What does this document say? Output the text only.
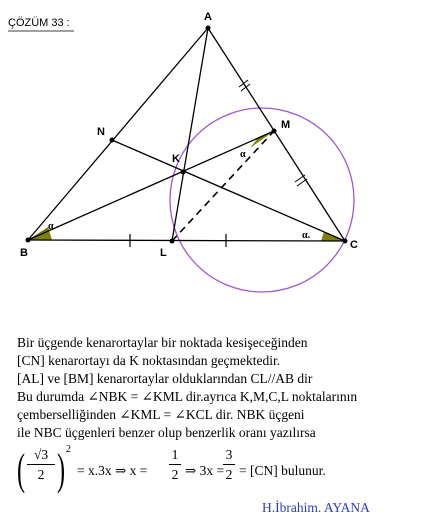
ÇÖZÜM 33 :	A
B
C
L
M
N
K
α
α.
α
Bir üçgende kenarortaylar bir noktada kesişeceğinden
[CN] kenarortayı da K noktasından geçmektedir.
[AL] ve [BM] kenarortaylar olduklarından CL//AB dir
Bu durumda ∠NBK = ∠KML dir.ayrıca K,M,C,L noktalarının
çemberselliğinden ∠KML = ∠KCL dir. NBK üçgeni
ile NBC üçgenleri benzer olup benzerlik oranı yazılırsa
( √3
2 ) 2
= x.3x ⇒ x =
1
2 ⇒ 3x =
3
2 = [CN] bulunur.
H.İbrahim. AYANA
